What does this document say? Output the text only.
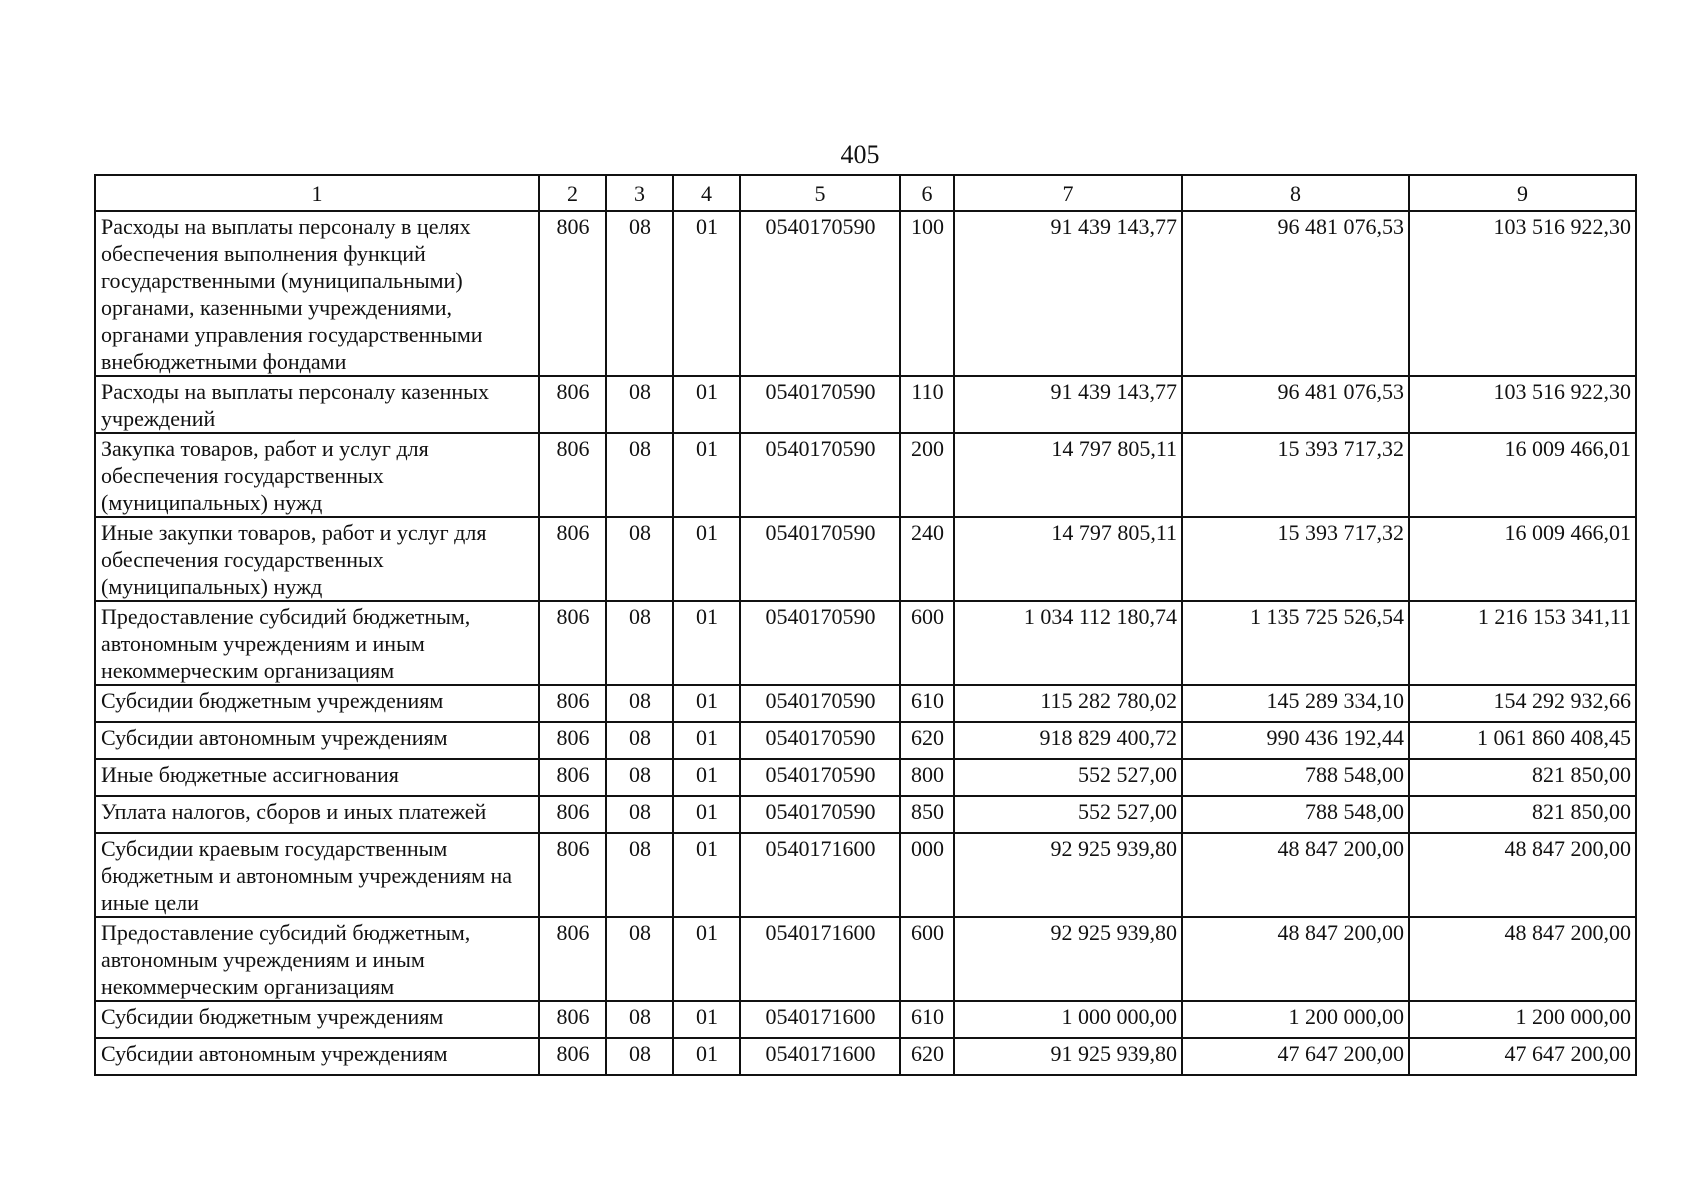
405
1	2	3	4	5	6	7	8	9
Расходы на выплаты персоналу в целях обеспечения выполнения функций государственными (муниципальными) органами, казенными учреждениями, органами управления государственными внебюджетными фондами	806	08	01	0540170590	100	91 439 143,77	96 481 076,53	103 516 922,30
Расходы на выплаты персоналу казенных учреждений	806	08	01	0540170590	110	91 439 143,77	96 481 076,53	103 516 922,30
Закупка товаров, работ и услуг для обеспечения государственных (муниципальных) нужд	806	08	01	0540170590	200	14 797 805,11	15 393 717,32	16 009 466,01
Иные закупки товаров, работ и услуг для обеспечения государственных (муниципальных) нужд	806	08	01	0540170590	240	14 797 805,11	15 393 717,32	16 009 466,01
Предоставление субсидий бюджетным, автономным учреждениям и иным некоммерческим организациям	806	08	01	0540170590	600	1 034 112 180,74	1 135 725 526,54	1 216 153 341,11
Субсидии бюджетным учреждениям	806	08	01	0540170590	610	115 282 780,02	145 289 334,10	154 292 932,66
Субсидии автономным учреждениям	806	08	01	0540170590	620	918 829 400,72	990 436 192,44	1 061 860 408,45
Иные бюджетные ассигнования	806	08	01	0540170590	800	552 527,00	788 548,00	821 850,00
Уплата налогов, сборов и иных платежей	806	08	01	0540170590	850	552 527,00	788 548,00	821 850,00
Субсидии краевым государственным бюджетным и автономным учреждениям на иные цели	806	08	01	0540171600	000	92 925 939,80	48 847 200,00	48 847 200,00
Предоставление субсидий бюджетным, автономным учреждениям и иным некоммерческим организациям	806	08	01	0540171600	600	92 925 939,80	48 847 200,00	48 847 200,00
Субсидии бюджетным учреждениям	806	08	01	0540171600	610	1 000 000,00	1 200 000,00	1 200 000,00
Субсидии автономным учреждениям	806	08	01	0540171600	620	91 925 939,80	47 647 200,00	47 647 200,00
